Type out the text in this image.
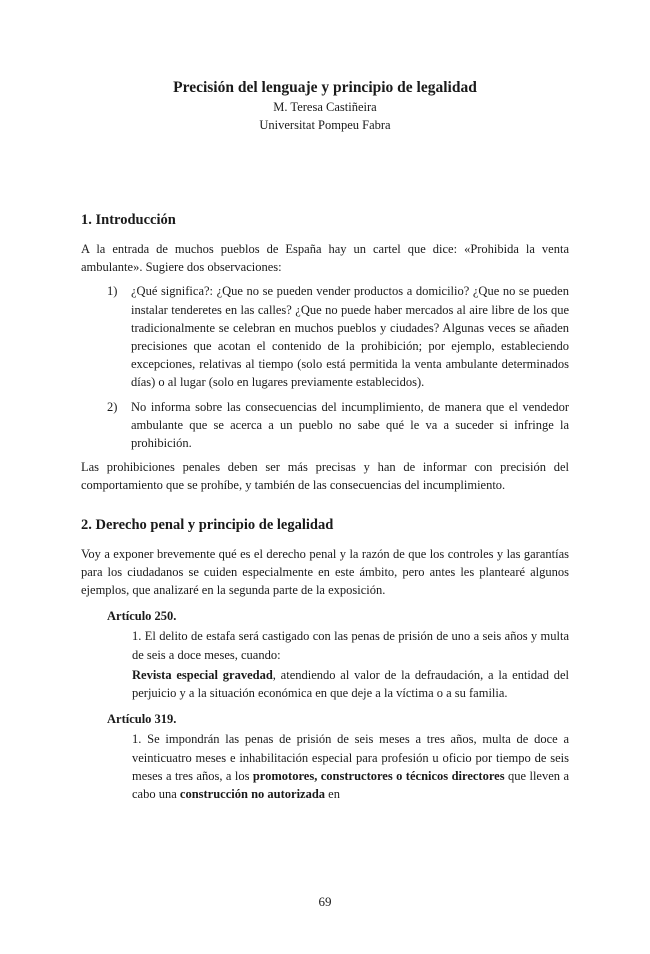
Precisión del lenguaje y principio de legalidad

M. Teresa Castiñeira

Universitat Pompeu Fabra

1. Introducción

A la entrada de muchos pueblos de España hay un cartel que dice: «Prohibida la venta ambulante». Sugiere dos observaciones:

1) ¿Qué significa?: ¿Que no se pueden vender productos a domicilio? ¿Que no se pueden instalar tenderetes en las calles? ¿Que no puede haber mercados al aire libre de los que tradicionalmente se celebran en muchos pueblos y ciudades? Algunas veces se añaden precisiones que acotan el contenido de la prohibición; por ejemplo, estableciendo excepciones, relativas al tiempo (solo está permitida la venta ambulante determinados días) o al lugar (solo en lugares previamente establecidos).
2) No informa sobre las consecuencias del incumplimiento, de manera que el vendedor ambulante que se acerca a un pueblo no sabe qué le va a suceder si infringe la prohibición.

Las prohibiciones penales deben ser más precisas y han de informar con precisión del comportamiento que se prohíbe, y también de las consecuencias del incumplimiento.

2. Derecho penal y principio de legalidad

Voy a exponer brevemente qué es el derecho penal y la razón de que los controles y las garantías para los ciudadanos se cuiden especialmente en este ámbito, pero antes les plantearé algunos ejemplos, que analizaré en la segunda parte de la exposición.

Artículo 250.

1. El delito de estafa será castigado con las penas de prisión de uno a seis años y multa de seis a doce meses, cuando:

Revista especial gravedad, atendiendo al valor de la defraudación, a la entidad del perjuicio y a la situación económica en que deje a la víctima o a su familia.

Artículo 319.

1. Se impondrán las penas de prisión de seis meses a tres años, multa de doce a veinticuatro meses e inhabilitación especial para profesión u oficio por tiempo de seis meses a tres años, a los promotores, constructores o técnicos directores que lleven a cabo una construcción no autorizada en

69
